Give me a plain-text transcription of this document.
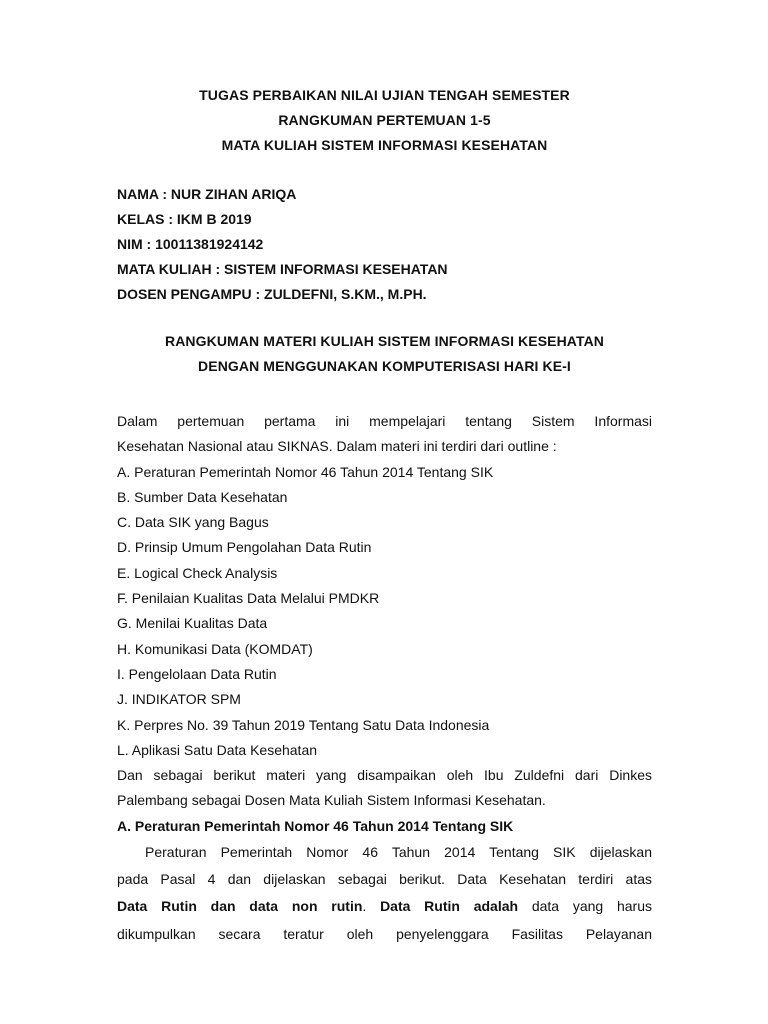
TUGAS PERBAIKAN NILAI UJIAN TENGAH SEMESTER
RANGKUMAN PERTEMUAN 1-5
MATA KULIAH SISTEM INFORMASI KESEHATAN
NAMA : NUR ZIHAN ARIQA
KELAS : IKM B 2019
NIM : 10011381924142
MATA KULIAH : SISTEM INFORMASI KESEHATAN
DOSEN PENGAMPU : ZULDEFNI, S.KM., M.PH.
RANGKUMAN MATERI KULIAH SISTEM INFORMASI KESEHATAN
DENGAN MENGGUNAKAN KOMPUTERISASI HARI KE-I
Dalam pertemuan pertama ini mempelajari tentang Sistem Informasi
Kesehatan Nasional atau SIKNAS. Dalam materi ini terdiri dari outline :
A. Peraturan Pemerintah Nomor 46 Tahun 2014 Tentang SIK
B. Sumber Data Kesehatan
C. Data SIK yang Bagus
D. Prinsip Umum Pengolahan Data Rutin
E. Logical Check Analysis
F. Penilaian Kualitas Data Melalui PMDKR
G. Menilai Kualitas Data
H. Komunikasi Data (KOMDAT)
I. Pengelolaan Data Rutin
J. INDIKATOR SPM
K. Perpres No. 39 Tahun 2019 Tentang Satu Data Indonesia
L. Aplikasi Satu Data Kesehatan
Dan sebagai berikut materi yang disampaikan oleh Ibu Zuldefni dari Dinkes
Palembang sebagai Dosen Mata Kuliah Sistem Informasi Kesehatan.
A. Peraturan Pemerintah Nomor 46 Tahun 2014 Tentang SIK
Peraturan Pemerintah Nomor 46 Tahun 2014 Tentang SIK dijelaskan
pada Pasal 4 dan dijelaskan sebagai berikut. Data Kesehatan terdiri atas
Data Rutin dan data non rutin. Data Rutin adalah data yang harus
dikumpulkan secara teratur oleh penyelenggara Fasilitas Pelayanan
